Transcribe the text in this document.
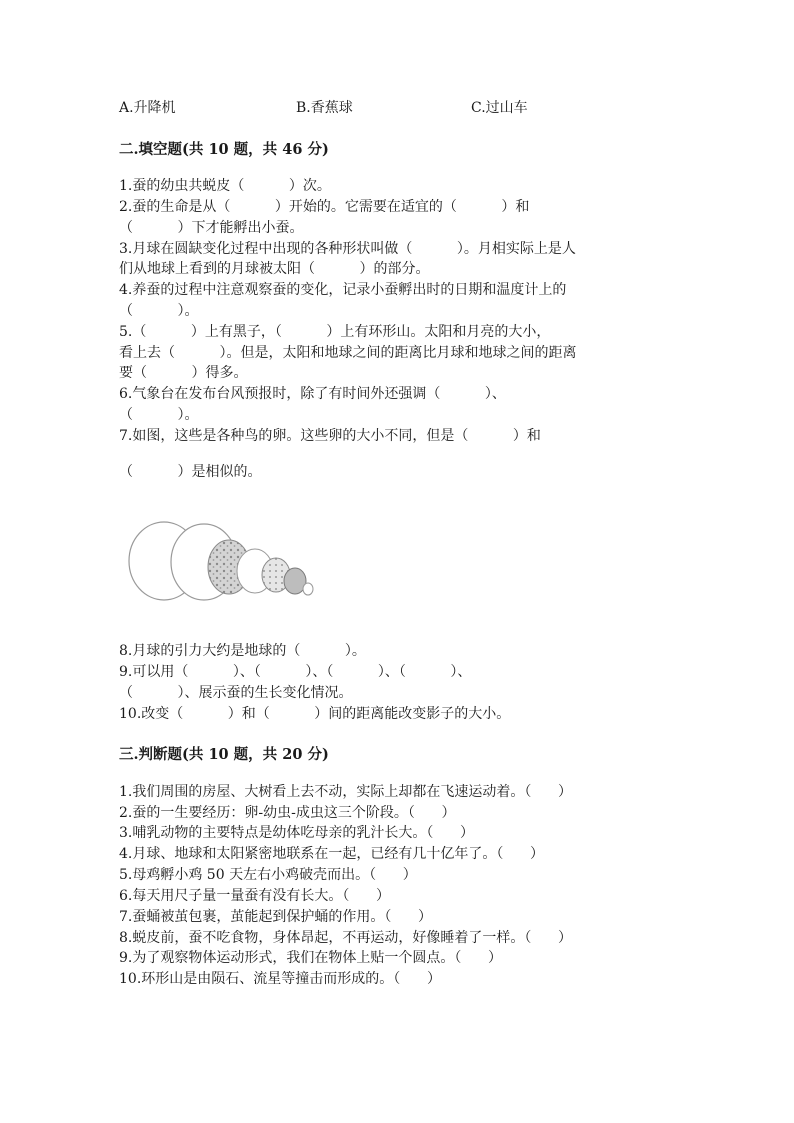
A.升降机	B.香蕉球	C.过山车
二.填空题(共 10 题，共 46 分)
1.蚕的幼虫共蜕皮（          ）次。
2.蚕的生命是从（          ）开始的。它需要在适宜的（          ）和
（          ）下才能孵出小蚕。
3.月球在圆缺变化过程中出现的各种形状叫做（          ）。月相实际上是人
们从地球上看到的月球被太阳（          ）的部分。
4.养蚕的过程中注意观察蚕的变化，记录小蚕孵出时的日期和温度计上的
（          ）。
5.（          ）上有黑子，（          ）上有环形山。太阳和月亮的大小，
看上去（          ）。但是，太阳和地球之间的距离比月球和地球之间的距离
要（          ）得多。
6.气象台在发布台风预报时，除了有时间外还强调（          ）、
（          ）。
7.如图，这些是各种鸟的卵。这些卵的大小不同，但是（          ）和
（          ）是相似的。
8.月球的引力大约是地球的（          ）。
9.可以用（          ）、（          ）、（          ）、（          ）、
（          ）、展示蚕的生长变化情况。
10.改变（          ）和（          ）间的距离能改变影子的大小。
三.判断题(共 10 题，共 20 分)
1.我们周围的房屋、大树看上去不动，实际上却都在飞速运动着。（      ）
2.蚕的一生要经历：卵-幼虫-成虫这三个阶段。（      ）
3.哺乳动物的主要特点是幼体吃母亲的乳汁长大。（      ）
4.月球、地球和太阳紧密地联系在一起，已经有几十亿年了。（      ）
5.母鸡孵小鸡 50 天左右小鸡破壳而出。（      ）
6.每天用尺子量一量蚕有没有长大。（      ）
7.蚕蛹被茧包裹，茧能起到保护蛹的作用。（      ）
8.蜕皮前，蚕不吃食物，身体昂起，不再运动，好像睡着了一样。（      ）
9.为了观察物体运动形式，我们在物体上贴一个圆点。（      ）
10.环形山是由陨石、流星等撞击而形成的。（      ）
